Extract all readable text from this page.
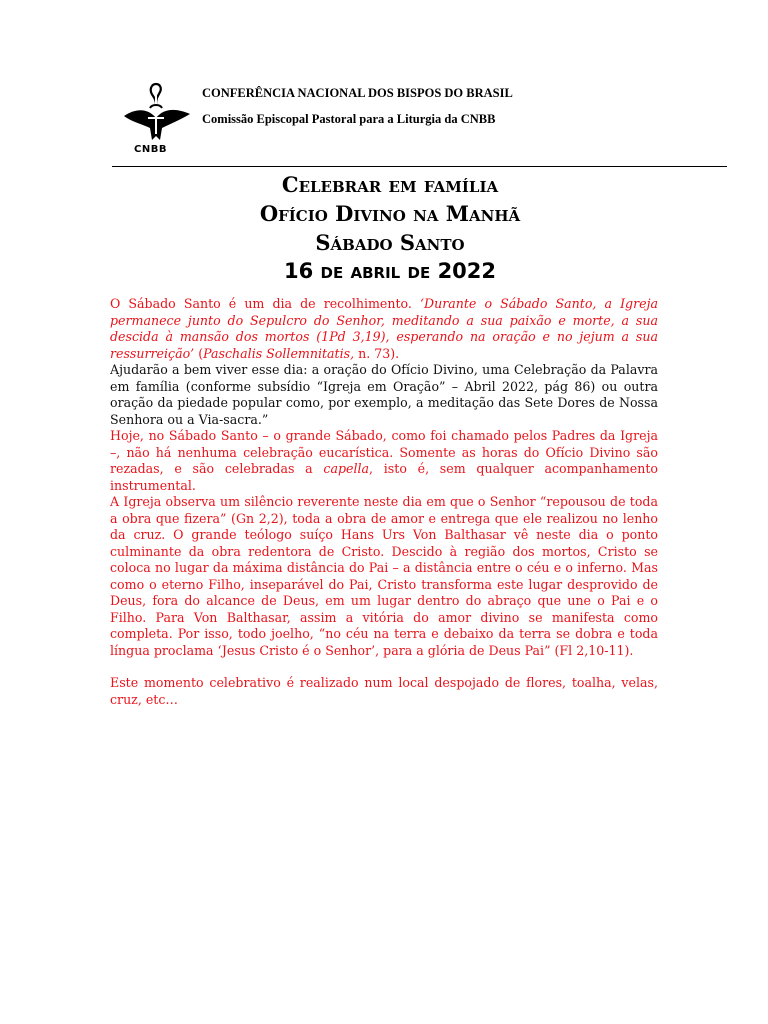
CNBB
CONFERÊNCIA NACIONAL DOS BISPOS DO BRASIL
Comissão Episcopal Pastoral para a Liturgia da CNBB
Celebrar em família
Ofício Divino na Manhã
Sábado Santo
16 de abril de 2022

O Sábado Santo é um dia de recolhimento. ‘Durante o Sábado Santo, a Igreja permanece junto do Sepulcro do Senhor, meditando a sua paixão e morte, a sua descida à mansão dos mortos (1Pd 3,19), esperando na oração e no jejum a sua ressurreição’ (Paschalis Sollemnitatis, n. 73).

Ajudarão a bem viver esse dia: a oração do Ofício Divino, uma Celebração da Palavra em família (conforme subsídio “Igreja em Oração” – Abril 2022, pág 86) ou outra oração da piedade popular como, por exemplo, a meditação das Sete Dores de Nossa Senhora ou a Via-sacra.”

Hoje, no Sábado Santo – o grande Sábado, como foi chamado pelos Padres da Igreja –, não há nenhuma celebração eucarística. Somente as horas do Ofício Divino são rezadas, e são celebradas a capella, isto é, sem qualquer acompanhamento instrumental.

A Igreja observa um silêncio reverente neste dia em que o Senhor “repousou de toda a obra que fizera” (Gn 2,2), toda a obra de amor e entrega que ele realizou no lenho da cruz. O grande teólogo suíço Hans Urs Von Balthasar vê neste dia o ponto culminante da obra redentora de Cristo. Descido à região dos mortos, Cristo se coloca no lugar da máxima distância do Pai – a distância entre o céu e o inferno. Mas como o eterno Filho, inseparável do Pai, Cristo transforma este lugar desprovido de Deus, fora do alcance de Deus, em um lugar dentro do abraço que une o Pai e o Filho. Para Von Balthasar, assim a vitória do amor divino se manifesta como completa. Por isso, todo joelho, “no céu na terra e debaixo da terra se dobra e toda língua proclama ‘Jesus Cristo é o Senhor’, para a glória de Deus Pai” (Fl 2,10-11).

Este momento celebrativo é realizado num local despojado de flores, toalha, velas, cruz, etc…
